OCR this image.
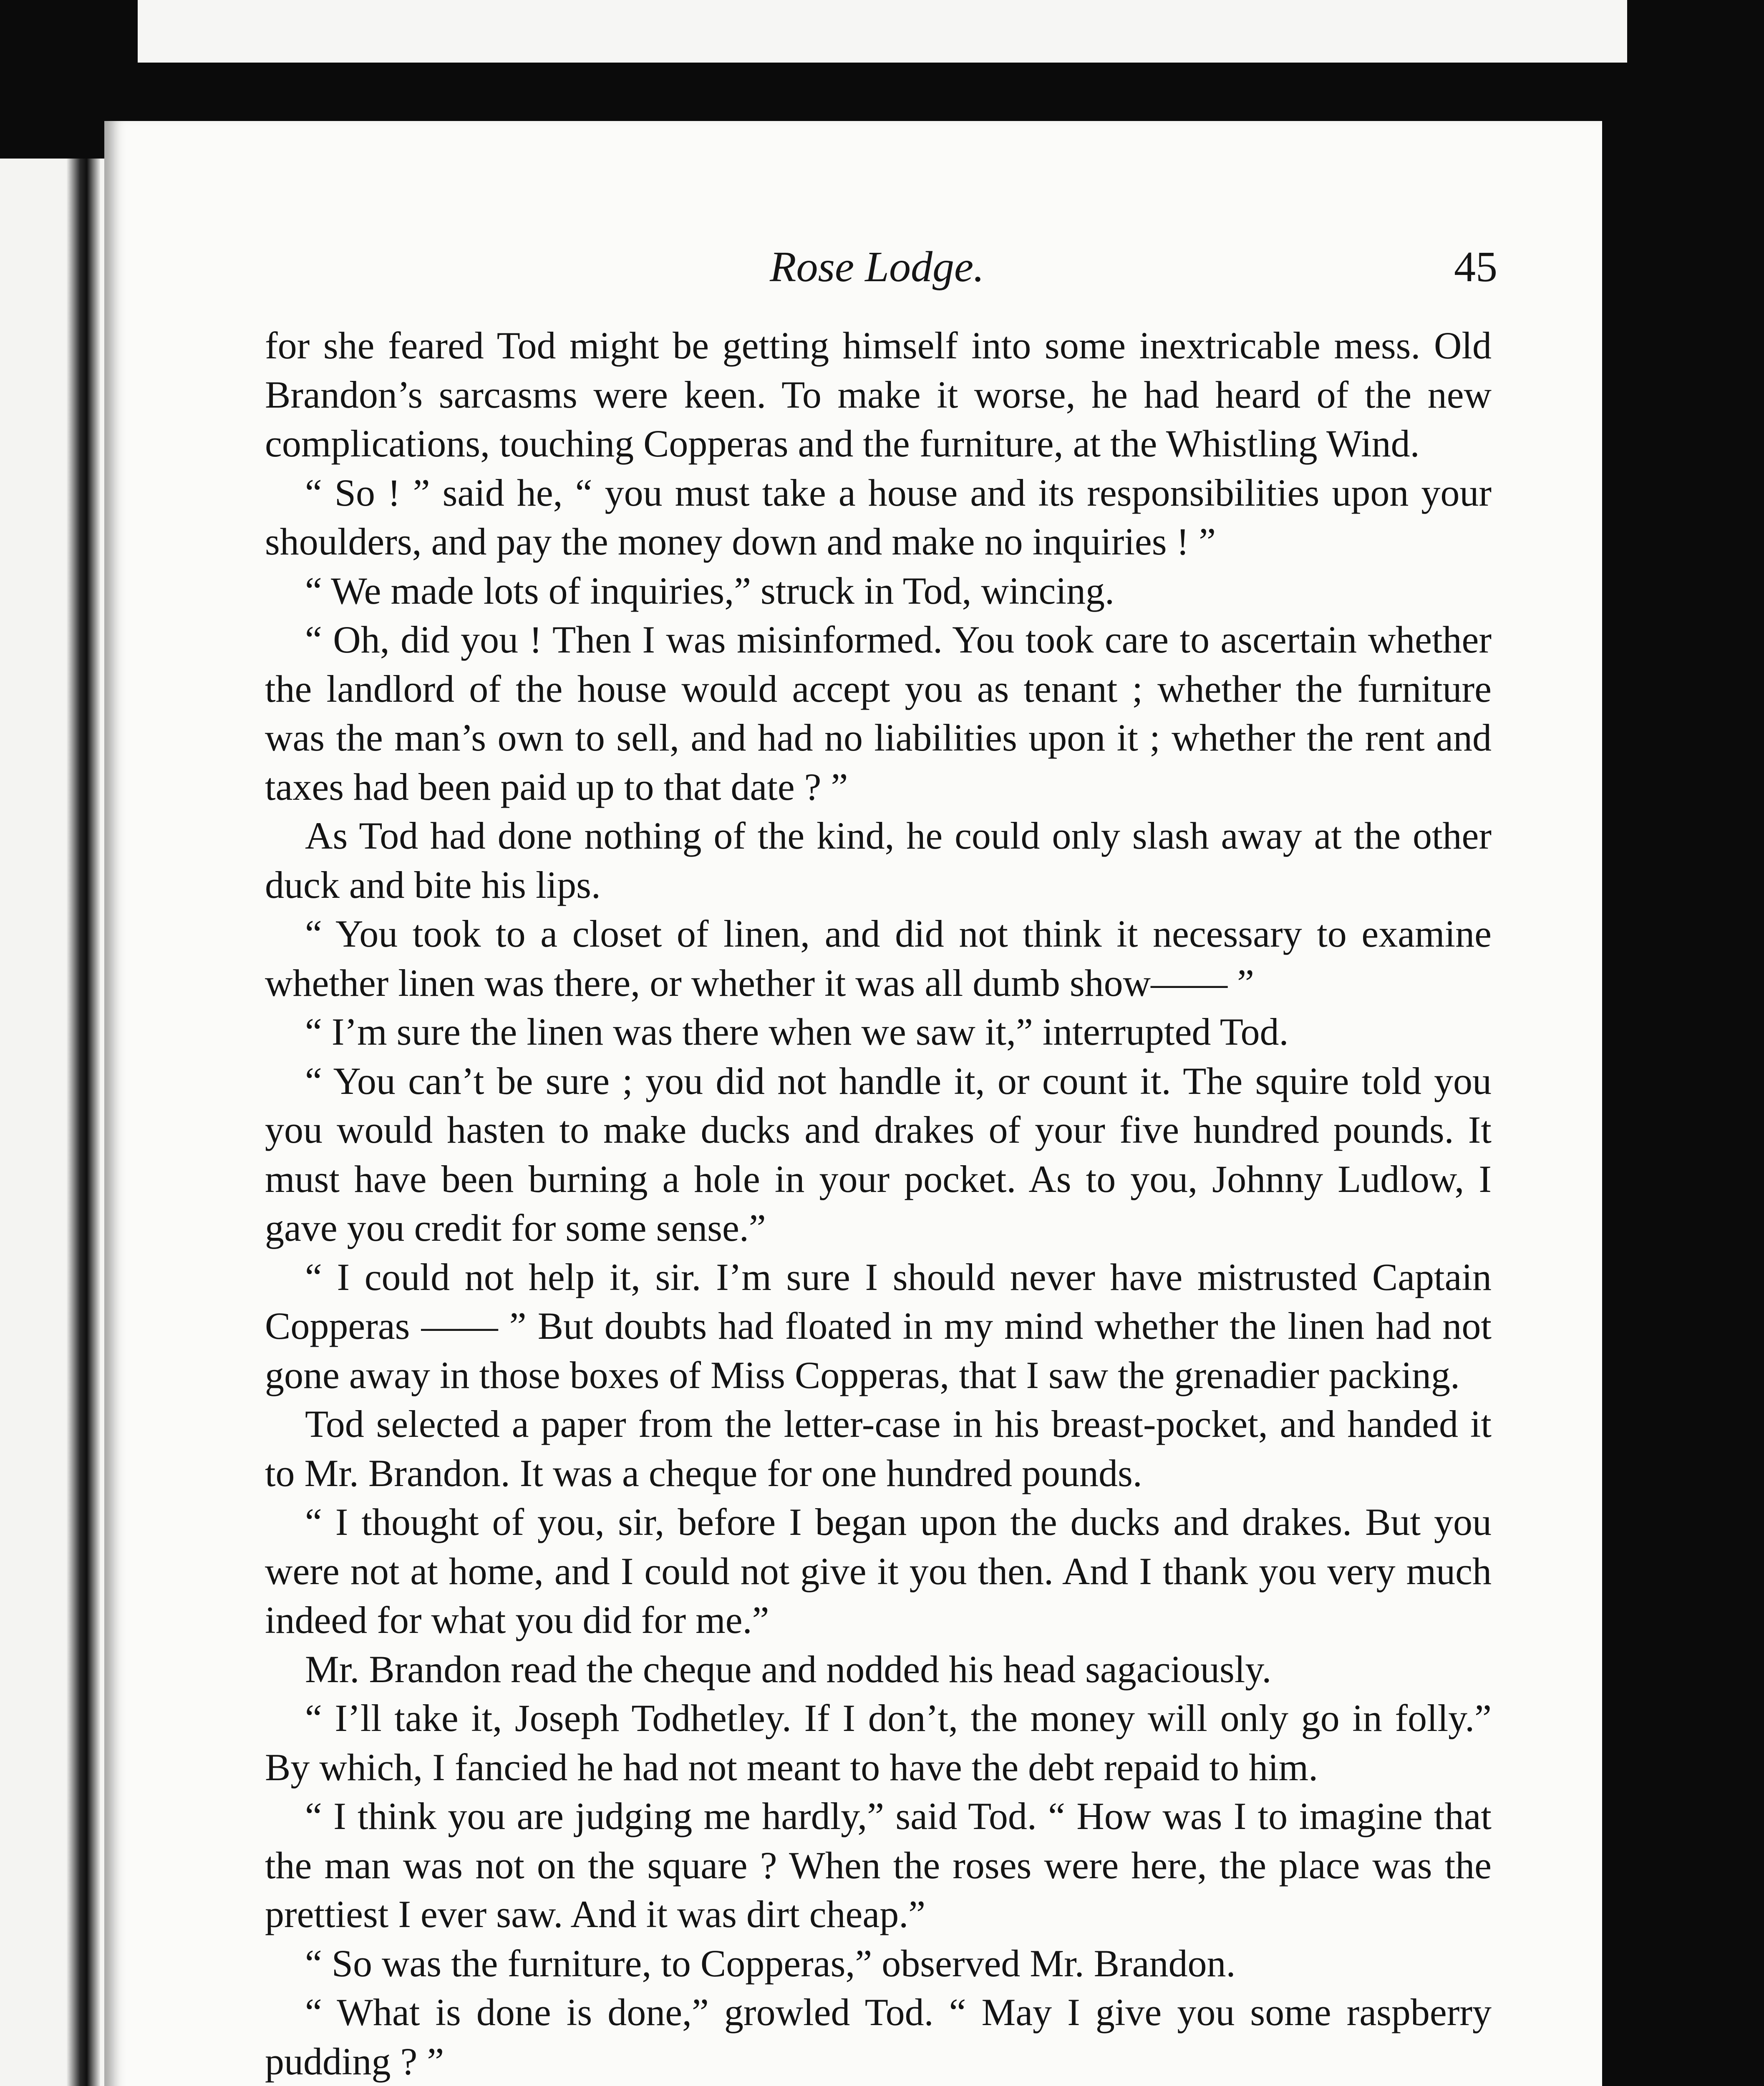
Rose Lodge.	45

for she feared Tod might be getting himself into some inextricable mess. Old Brandon’s sarcasms were keen. To make it worse, he had heard of the new complications, touching Copperas and the furniture, at the Whistling Wind.

“ So ! ” said he, “ you must take a house and its responsibilities upon your shoulders, and pay the money down and make no inquiries ! ”

“ We made lots of inquiries,” struck in Tod, wincing.

“ Oh, did you ! Then I was misinformed. You took care to ascertain whether the landlord of the house would accept you as tenant ; whether the furniture was the man’s own to sell, and had no liabilities upon it ; whether the rent and taxes had been paid up to that date ? ”

As Tod had done nothing of the kind, he could only slash away at the other duck and bite his lips.

“ You took to a closet of linen, and did not think it necessary to examine whether linen was there, or whether it was all dumb show—— ”

“ I’m sure the linen was there when we saw it,” interrupted Tod.

“ You can’t be sure ; you did not handle it, or count it. The squire told you you would hasten to make ducks and drakes of your five hundred pounds. It must have been burning a hole in your pocket. As to you, Johnny Ludlow, I gave you credit for some sense.”

“ I could not help it, sir. I’m sure I should never have mistrusted Captain Copperas —— ” But doubts had floated in my mind whether the linen had not gone away in those boxes of Miss Copperas, that I saw the grenadier packing.

Tod selected a paper from the letter-case in his breast-pocket, and handed it to Mr. Brandon. It was a cheque for one hundred pounds.

“ I thought of you, sir, before I began upon the ducks and drakes. But you were not at home, and I could not give it you then. And I thank you very much indeed for what you did for me.”

Mr. Brandon read the cheque and nodded his head sagaciously.

“ I’ll take it, Joseph Todhetley. If I don’t, the money will only go in folly.” By which, I fancied he had not meant to have the debt repaid to him.

“ I think you are judging me hardly,” said Tod. “ How was I to imagine that the man was not on the square ? When the roses were here, the place was the prettiest I ever saw. And it was dirt cheap.”

“ So was the furniture, to Copperas,” observed Mr. Brandon.

“ What is done is done,” growled Tod. “ May I give you some raspberry pudding ? ”
